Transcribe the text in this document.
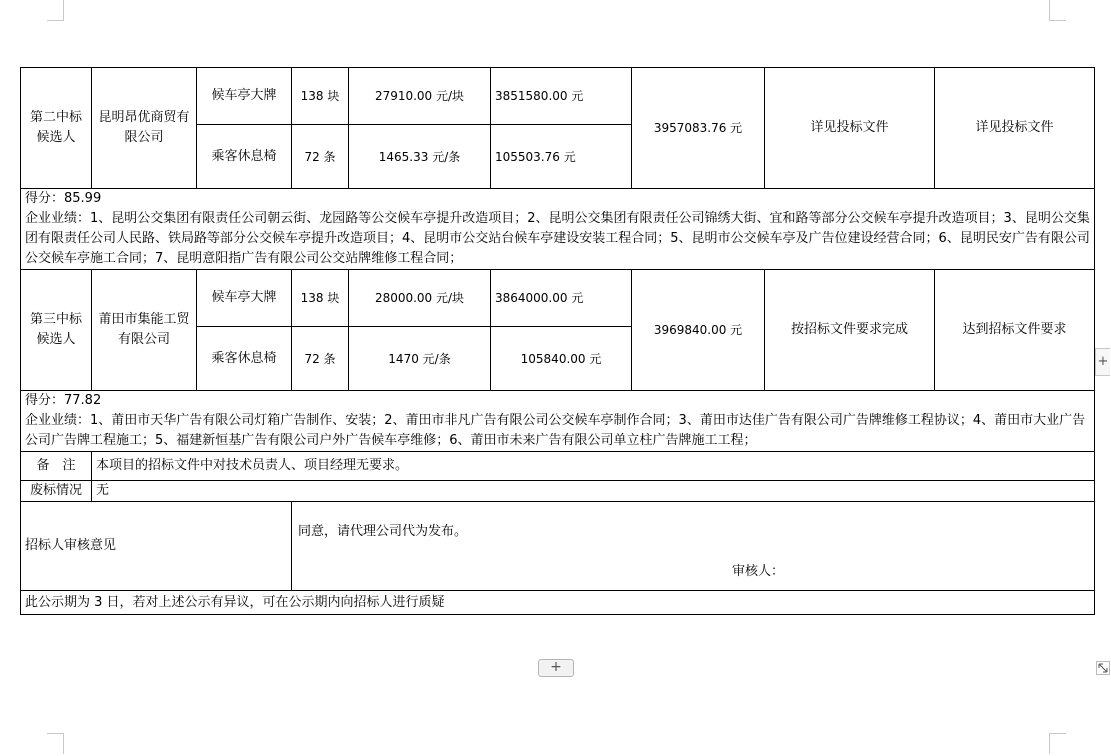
第二中标候选人	昆明昂优商贸有限公司	候车亭大牌	138 块	27910.00 元/块	3851580.00 元	3957083.76 元	详见投标文件	详见投标文件
		乘客休息椅	72 条	1465.33 元/条	105503.76 元			

得分：85.99
企业业绩：1、昆明公交集团有限责任公司朝云街、龙园路等公交候车亭提升改造项目；2、昆明公交集团有限责任公司锦绣大街、宜和路等部分公交候车亭提升改造项目；3、昆明公交集团有限责任公司人民路、铁局路等部分公交候车亭提升改造项目；4、昆明市公交站台候车亭建设安装工程合同；5、昆明市公交候车亭及广告位建设经营合同；6、昆明民安广告有限公司公交候车亭施工合同；7、昆明意阳指广告有限公司公交站牌维修工程合同；								

第三中标候选人	莆田市集能工贸有限公司	候车亭大牌	138 块	28000.00 元/块	3864000.00 元	3969840.00 元	按招标文件要求完成	达到招标文件要求
		乘客休息椅	72 条	1470 元/条	105840.00 元			

得分：77.82
企业业绩：1、莆田市天华广告有限公司灯箱广告制作、安装；2、莆田市非凡广告有限公司公交候车亭制作合同；3、莆田市达佳广告有限公司广告牌维修工程协议；4、莆田市大业广告公司广告牌工程施工；5、福建新恒基广告有限公司户外广告候车亭维修；6、莆田市未来广告有限公司单立柱广告牌施工工程；								

备　注	本项目的招标文件中对技术员责人、项目经理无要求。							
废标情况	无							
招标人审核意见			同意，请代理公司代为发布。
审核人：					

此公示期为 3 日，若对上述公示有异议，可在公示期内向招标人进行质疑								
+
+
